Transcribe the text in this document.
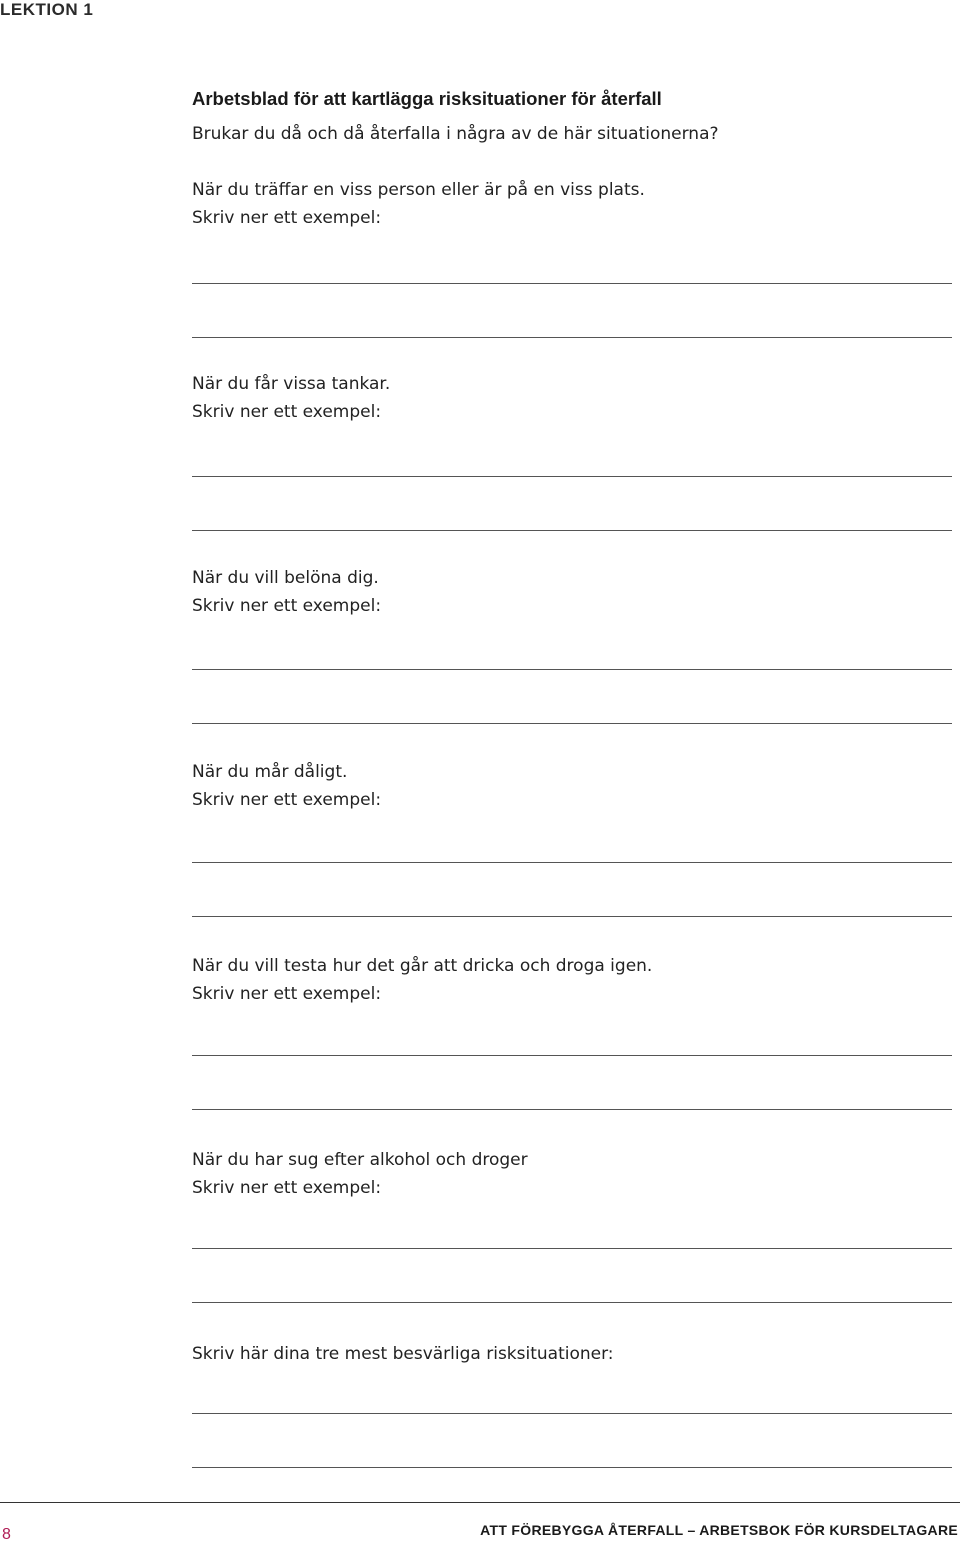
LEKTION 1
Arbetsblad för att kartlägga risksituationer för återfall
Brukar du då och då återfalla i några av de här situationerna?
När du träffar en viss person eller är på en viss plats.
Skriv ner ett exempel:
När du får vissa tankar.
Skriv ner ett exempel:
När du vill belöna dig.
Skriv ner ett exempel:
När du mår dåligt.
Skriv ner ett exempel:
När du vill testa hur det går att dricka och droga igen.
Skriv ner ett exempel:
När du har sug efter alkohol och droger
Skriv ner ett exempel:
Skriv här dina tre mest besvärliga risksituationer:
8	ATT FÖREBYGGA ÅTERFALL – ARBETSBOK FÖR KURSDELTAGARE
